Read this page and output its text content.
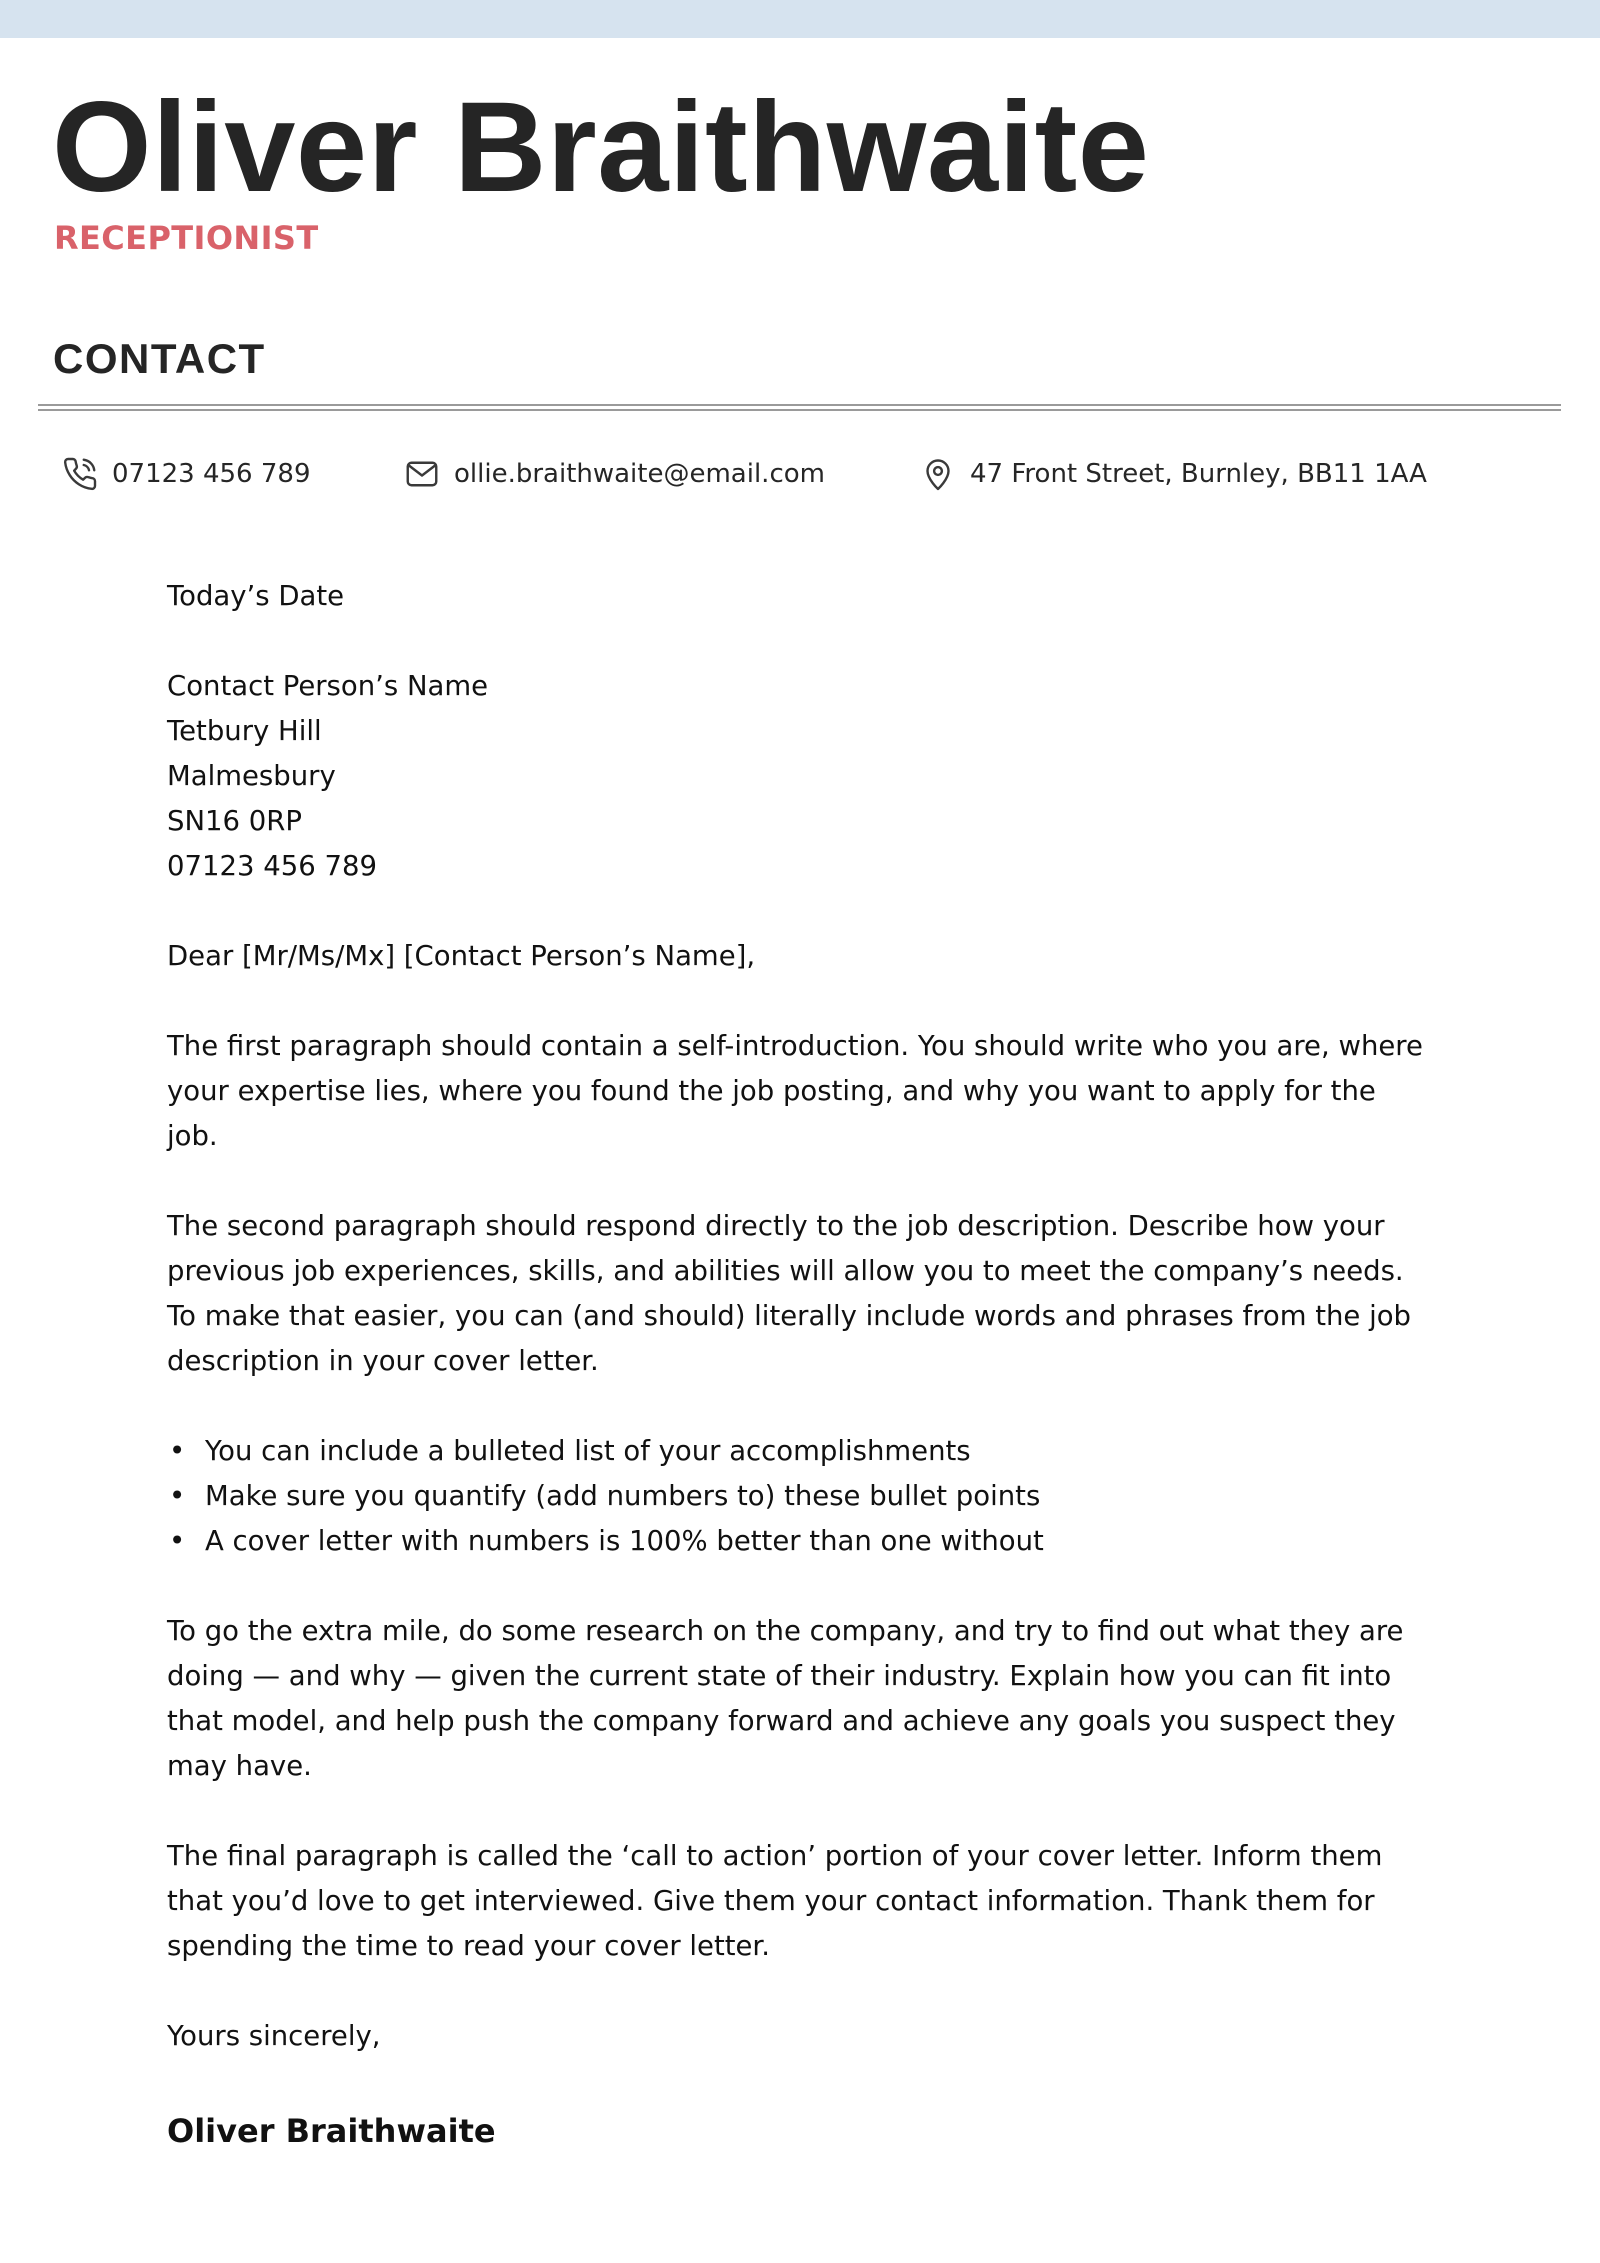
Oliver Braithwaite
RECEPTIONIST
CONTACT
07123 456 789	ollie.braithwaite@email.com	47 Front Street, Burnley, BB11 1AA

Today’s Date

Contact Person’s Name
Tetbury Hill
Malmesbury
SN16 0RP
07123 456 789

Dear [Mr/Ms/Mx] [Contact Person’s Name],

The first paragraph should contain a self-introduction. You should write who you are, where your expertise lies, where you found the job posting, and why you want to apply for the job.

The second paragraph should respond directly to the job description. Describe how your previous job experiences, skills, and abilities will allow you to meet the company’s needs. To make that easier, you can (and should) literally include words and phrases from the job description in your cover letter.

• You can include a bulleted list of your accomplishments
• Make sure you quantify (add numbers to) these bullet points
• A cover letter with numbers is 100% better than one without

To go the extra mile, do some research on the company, and try to find out what they are doing — and why — given the current state of their industry. Explain how you can fit into that model, and help push the company forward and achieve any goals you suspect they may have.

The final paragraph is called the ‘call to action’ portion of your cover letter. Inform them that you’d love to get interviewed. Give them your contact information. Thank them for spending the time to read your cover letter.

Yours sincerely,

Oliver Braithwaite
